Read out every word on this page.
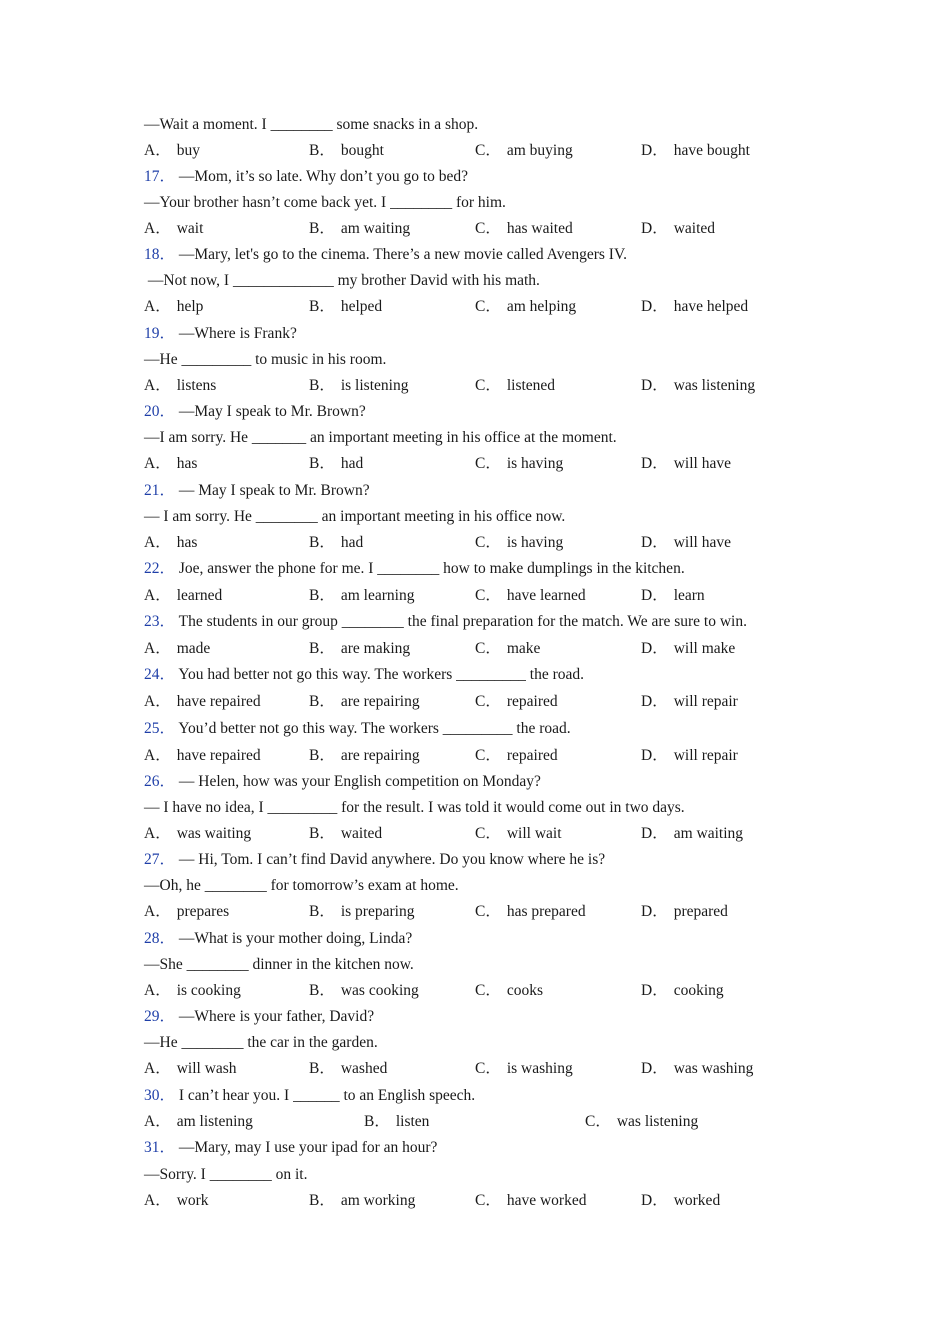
—Wait a moment. I ________ some snacks in a shop.
A． buy	B． bought	C． am buying	D． have bought
17． —Mom, it’s so late. Why don’t you go to bed?
—Your brother hasn’t come back yet. I ________ for him.
A． wait	B． am waiting	C． has waited	D． waited
18． —Mary, let's go to the cinema. There’s a new movie called Avengers IV.
—Not now, I _____________ my brother David with his math.
A． help	B． helped	C． am helping	D． have helped
19． —Where is Frank?
—He _________ to music in his room.
A． listens	B． is listening	C． listened	D． was listening
20． —May I speak to Mr. Brown?
—I am sorry. He _______ an important meeting in his office at the moment.
A． has	B． had	C． is having	D． will have
21． — May I speak to Mr. Brown?
— I am sorry. He ________ an important meeting in his office now.
A． has	B． had	C． is having	D． will have
22． Joe, answer the phone for me. I ________ how to make dumplings in the kitchen.
A． learned	B． am learning	C． have learned	D． learn
23． The students in our group ________ the final preparation for the match. We are sure to win.
A． made	B． are making	C． make	D． will make
24． You had better not go this way. The workers _________ the road.
A． have repaired	B． are repairing	C． repaired	D． will repair
25． You’d better not go this way. The workers _________ the road.
A． have repaired	B． are repairing	C． repaired	D． will repair
26． — Helen, how was your English competition on Monday?
— I have no idea, I _________ for the result. I was told it would come out in two days.
A． was waiting	B． waited	C． will wait	D． am waiting
27． — Hi, Tom. I can’t find David anywhere. Do you know where he is?
—Oh, he ________ for tomorrow’s exam at home.
A． prepares	B． is preparing	C． has prepared	D． prepared
28． —What is your mother doing, Linda?
—She ________ dinner in the kitchen now.
A． is cooking	B． was cooking	C． cooks	D． cooking
29． —Where is your father, David?
—He ________ the car in the garden.
A． will wash	B． washed	C． is washing	D． was washing
30． I can’t hear you. I ______ to an English speech.
A． am listening	B． listen	C． was listening
31． —Mary, may I use your ipad for an hour?
—Sorry. I ________ on it.
A． work	B． am working	C． have worked	D． worked
